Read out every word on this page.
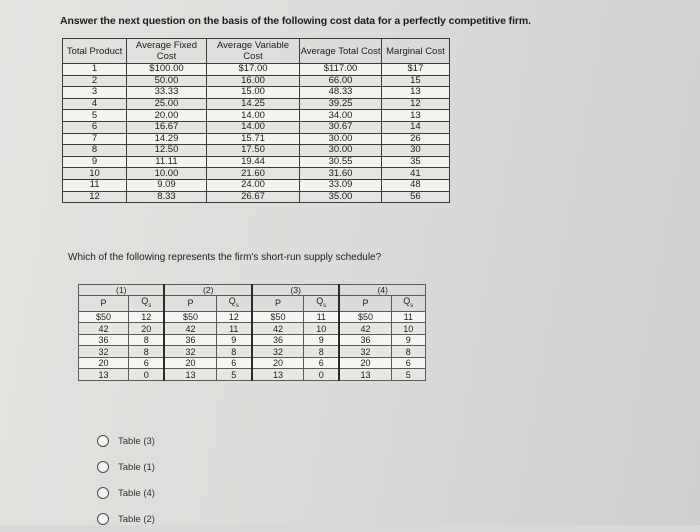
Answer the next question on the basis of the following cost data for a perfectly competitive firm.
Total Product	Average Fixed Cost	Average Variable Cost	Average Total Cost	Marginal Cost
1	$100.00	$17.00	$117.00	$17
2	50.00	16.00	66.00	15
3	33.33	15.00	48.33	13
4	25.00	14.25	39.25	12
5	20.00	14.00	34.00	13
6	16.67	14.00	30.67	14
7	14.29	15.71	30.00	26
8	12.50	17.50	30.00	30
9	11.11	19.44	30.55	35
10	10.00	21.60	31.60	41
11	9.09	24.00	33.09	48
12	8.33	26.67	35.00	56
Which of the following represents the firm's short-run supply schedule?
(1)		(2)		(3)		(4)	
P	$Q_s$	P	$Q_s$	P	$Q_s$	P	$Q_s$
$50	12	$50	12	$50	11	$50	11
42	20	42	11	42	10	42	10
36	8	36	9	36	9	36	9
32	8	32	8	32	8	32	8
20	6	20	6	20	6	20	6
13	0	13	5	13	0	13	5
Table (3)
Table (1)
Table (4)
Table (2)
